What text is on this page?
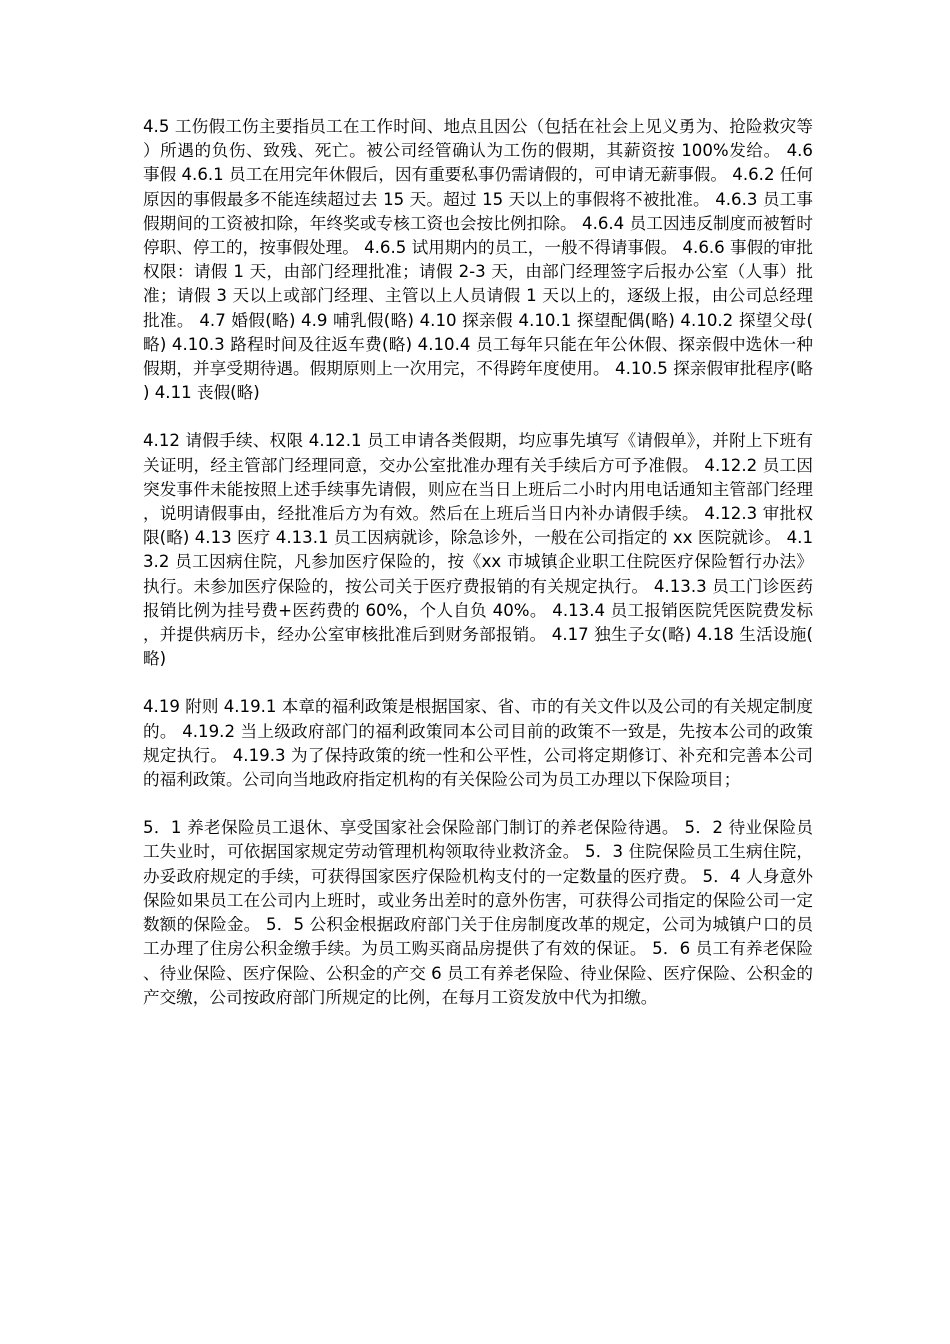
4.5 工伤假工伤主要指员工在工作时间、地点且因公（包括在社会上见义勇为、抢险救灾等）所遇的负伤、致残、死亡。被公司经管确认为工伤的假期，其薪资按 100%发给。 4.6 事假 4.6.1 员工在用完年休假后，因有重要私事仍需请假的，可申请无薪事假。 4.6.2 任何原因的事假最多不能连续超过去 15 天。超过 15 天以上的事假将不被批准。 4.6.3 员工事假期间的工资被扣除，年终奖或专核工资也会按比例扣除。 4.6.4 员工因违反制度而被暂时停职、停工的，按事假处理。 4.6.5 试用期内的员工，一般不得请事假。 4.6.6 事假的审批权限：请假 1 天，由部门经理批准；请假 2-3 天，由部门经理签字后报办公室（人事）批准；请假 3 天以上或部门经理、主管以上人员请假 1 天以上的，逐级上报，由公司总经理批准。 4.7 婚假(略) 4.9 哺乳假(略) 4.10 探亲假 4.10.1 探望配偶(略) 4.10.2 探望父母(略) 4.10.3 路程时间及往返车费(略) 4.10.4 员工每年只能在年公休假、探亲假中选休一种假期，并享受期待遇。假期原则上一次用完，不得跨年度使用。 4.10.5 探亲假审批程序(略) 4.11 丧假(略)

4.12 请假手续、权限 4.12.1 员工申请各类假期，均应事先填写《请假单》，并附上下班有关证明，经主管部门经理同意，交办公室批准办理有关手续后方可予准假。 4.12.2 员工因突发事件未能按照上述手续事先请假，则应在当日上班后二小时内用电话通知主管部门经理，说明请假事由，经批准后方为有效。然后在上班后当日内补办请假手续。 4.12.3 审批权限(略) 4.13 医疗 4.13.1 员工因病就诊，除急诊外，一般在公司指定的 xx 医院就诊。 4.13.2 员工因病住院，凡参加医疗保险的，按《xx 市城镇企业职工住院医疗保险暂行办法》执行。未参加医疗保险的，按公司关于医疗费报销的有关规定执行。 4.13.3 员工门诊医药报销比例为挂号费+医药费的 60%，个人自负 40%。 4.13.4 员工报销医院凭医院费发标，并提供病历卡，经办公室审核批准后到财务部报销。 4.17 独生子女(略) 4.18 生活设施(略)

4.19 附则 4.19.1 本章的福利政策是根据国家、省、市的有关文件以及公司的有关规定制度的。 4.19.2 当上级政府部门的福利政策同本公司目前的政策不一致是，先按本公司的政策规定执行。 4.19.3 为了保持政策的统一性和公平性，公司将定期修订、补充和完善本公司的福利政策。公司向当地政府指定机构的有关保险公司为员工办理以下保险项目；

5．1 养老保险员工退休、享受国家社会保险部门制订的养老保险待遇。 5．2 待业保险员工失业时，可依据国家规定劳动管理机构领取待业救济金。 5．3 住院保险员工生病住院，办妥政府规定的手续，可获得国家医疗保险机构支付的一定数量的医疗费。 5．4 人身意外保险如果员工在公司内上班时，或业务出差时的意外伤害，可获得公司指定的保险公司一定数额的保险金。 5．5 公积金根据政府部门关于住房制度改革的规定，公司为城镇户口的员工办理了住房公积金缴手续。为员工购买商品房提供了有效的保证。 5．6 员工有养老保险、待业保险、医疗保险、公积金的产交 6 员工有养老保险、待业保险、医疗保险、公积金的产交缴，公司按政府部门所规定的比例，在每月工资发放中代为扣缴。
